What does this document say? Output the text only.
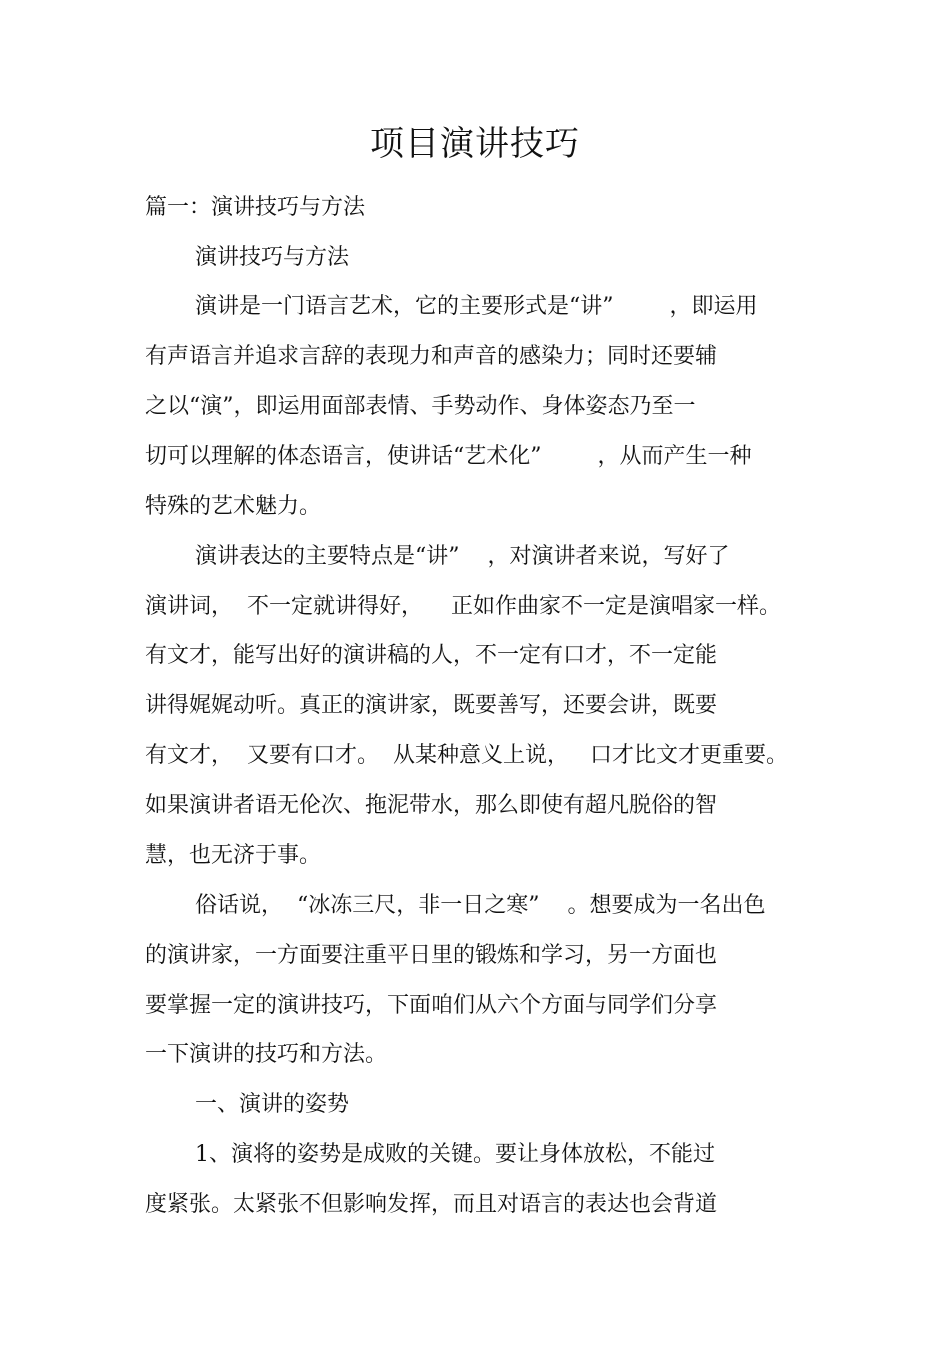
项目演讲技巧
篇一：演讲技巧与方法
演讲技巧与方法
演讲是一门语言艺术，它的主要形式是“讲”        ，即运用
有声语言并追求言辞的表现力和声音的感染力；同时还要辅
之以“演”，即运用面部表情、手势动作、身体姿态乃至一
切可以理解的体态语言，使讲话“艺术化”        ，从而产生一种
特殊的艺术魅力。
演讲表达的主要特点是“讲”    ，对演讲者来说，写好了
演讲词，  不一定就讲得好，    正如作曲家不一定是演唱家一样。
有文才，能写出好的演讲稿的人，不一定有口才，不一定能
讲得娓娓动听。真正的演讲家，既要善写，还要会讲，既要
有文才，  又要有口才。  从某种意义上说，   口才比文才更重要。
如果演讲者语无伦次、拖泥带水，那么即使有超凡脱俗的智
慧，也无济于事。
俗话说，  “冰冻三尺，非一日之寒”    。想要成为一名出色
的演讲家，一方面要注重平日里的锻炼和学习，另一方面也
要掌握一定的演讲技巧，下面咱们从六个方面与同学们分享
一下演讲的技巧和方法。
一、演讲的姿势
1、演将的姿势是成败的关键。要让身体放松，不能过
度紧张。太紧张不但影响发挥，而且对语言的表达也会背道
